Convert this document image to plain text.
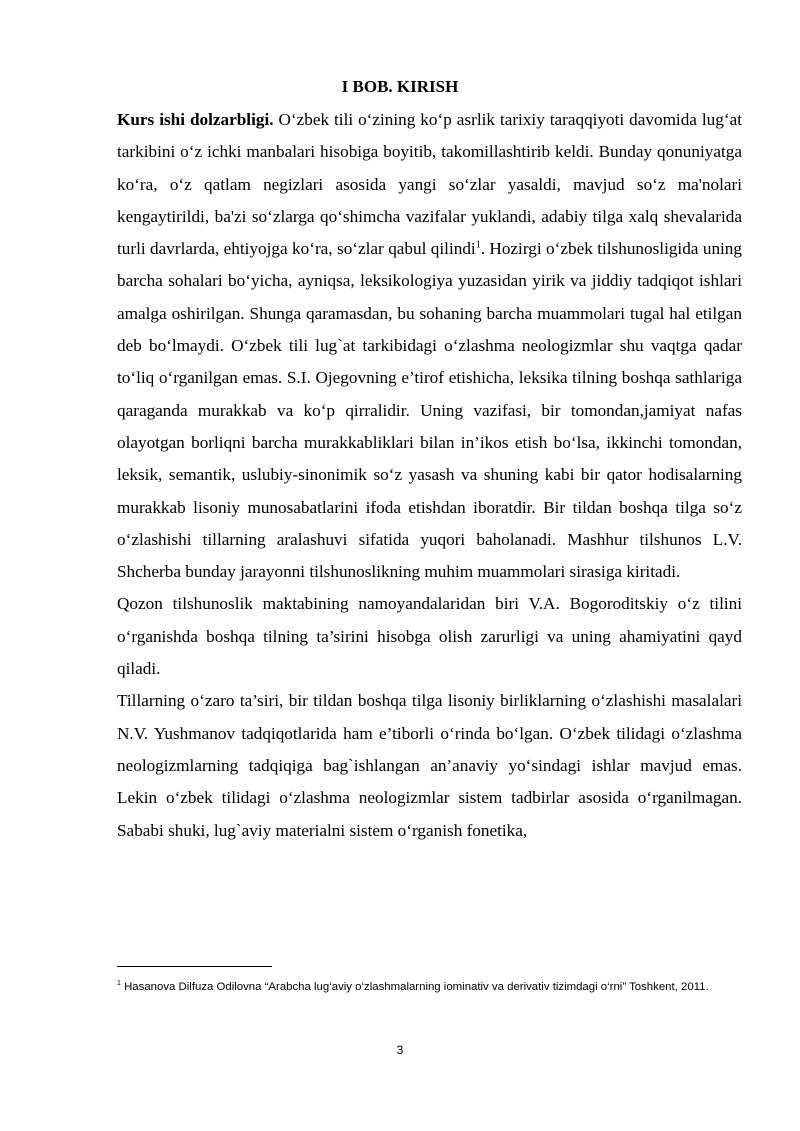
I BOB. KIRISH

Kurs ishi dolzarbligi. O‘zbek tili o‘zining ko‘p asrlik tarixiy taraqqiyoti davomida lug‘at tarkibini o‘z ichki manbalari hisobiga boyitib, takomillashtirib keldi. Bunday qonuniyatga ko‘ra, o‘z qatlam negizlari asosida yangi so‘zlar yasaldi, mavjud so‘z ma'nolari kengaytirildi, ba'zi so‘zlarga qo‘shimcha vazifalar yuklandi, adabiy tilga xalq shevalarida turli davrlarda, ehtiyojga ko‘ra, so‘zlar qabul qilindi$^1$. Hozirgi o‘zbek tilshunosligida uning barcha sohalari bo‘yicha, ayniqsa, leksikologiya yuzasidan yirik va jiddiy tadqiqot ishlari amalga oshirilgan. Shunga qaramasdan, bu sohaning barcha muammolari tugal hal etilgan deb bo‘lmaydi. O‘zbek tili lug`at tarkibidagi o‘zlashma neologizmlar shu vaqtga qadar to‘liq o‘rganilgan emas. S.I. Ojegovning e’tirof etishicha, leksika tilning boshqa sathlariga qaraganda murakkab va ko‘p qirralidir. Uning vazifasi, bir tomondan,jamiyat nafas olayotgan borliqni barcha murakkabliklari bilan in’ikos etish bo‘lsa, ikkinchi tomondan, leksik, semantik, uslubiy-sinonimik so‘z yasash va shuning kabi bir qator hodisalarning murakkab lisoniy munosabatlarini ifoda etishdan iboratdir. Bir tildan boshqa tilga so‘z o‘zlashishi tillarning aralashuvi sifatida yuqori baholanadi. Mashhur tilshunos L.V. Shcherba bunday jarayonni tilshunoslikning muhim muammolari sirasiga kiritadi.

Qozon tilshunoslik maktabining namoyandalaridan biri V.A. Bogoroditskiy o‘z tilini o‘rganishda boshqa tilning ta’sirini hisobga olish zarurligi va uning ahamiyatini qayd qiladi.

Tillarning o‘zaro ta’siri, bir tildan boshqa tilga lisoniy birliklarning o‘zlashishi masalalari N.V. Yushmanov tadqiqotlarida ham e’tiborli o‘rinda bo‘lgan. O‘zbek tilidagi o‘zlashma neologizmlarning tadqiqiga bag`ishlangan an’anaviy yo‘sindagi ishlar mavjud emas. Lekin o‘zbek tilidagi o‘zlashma neologizmlar sistem tadbirlar asosida o‘rganilmagan. Sababi shuki, lug`aviy materialni sistem o‘rganish fonetika,

$^1$ Hasanova Dilfuza Odilovna “Arabcha lug‘aviy o‘zlashmalarning iominativ va derivativ tizimdagi o‘rni” Toshkent, 2011.
3
